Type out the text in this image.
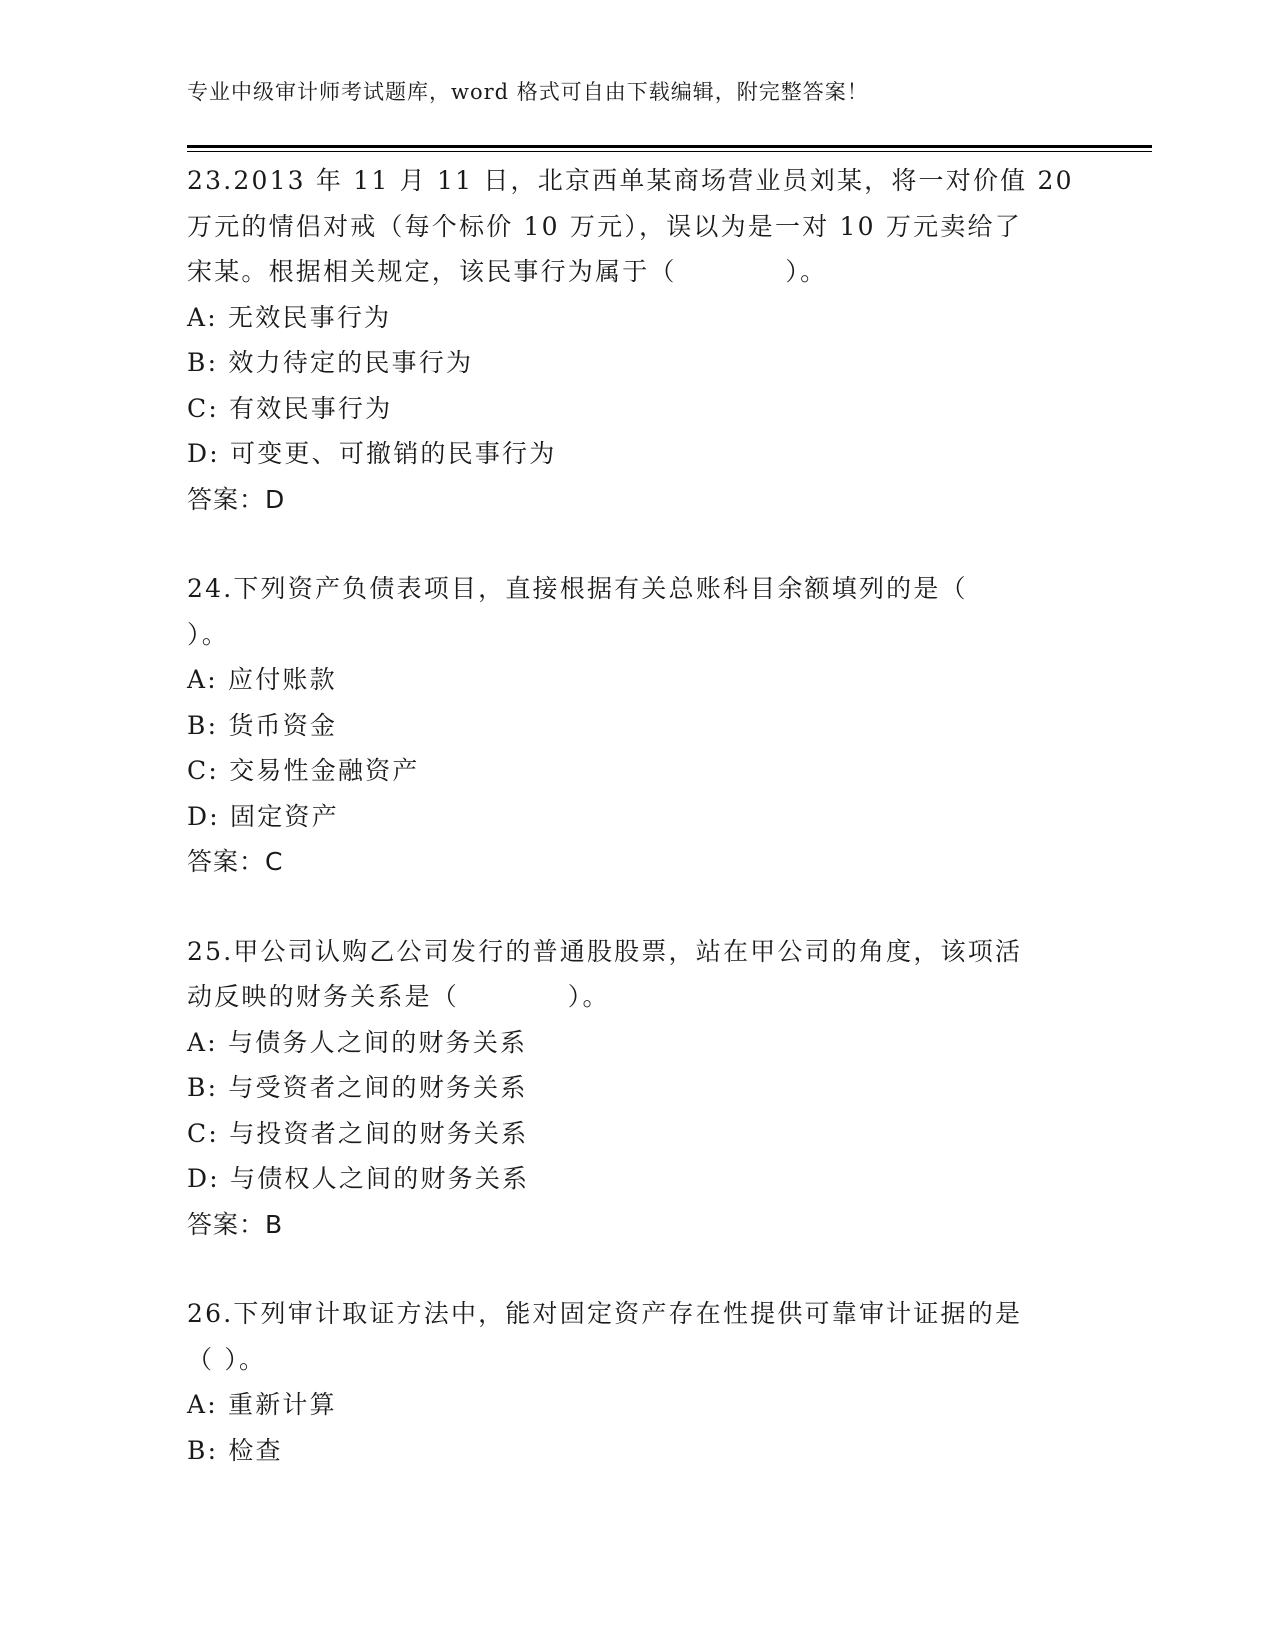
专业中级审计师考试题库，word 格式可自由下载编辑，附完整答案！

23.2013 年 11 月 11 日，北京西单某商场营业员刘某，将一对价值 20

万元的情侣对戒（每个标价 10 万元），误以为是一对 10 万元卖给了

宋某。根据相关规定，该民事行为属于（　　　　）。

A: 无效民事行为

B: 效力待定的民事行为

C: 有效民事行为

D: 可变更、可撤销的民事行为

答案：D

24.下列资产负债表项目，直接根据有关总账科目余额填列的是（

）。

A: 应付账款

B: 货币资金

C: 交易性金融资产

D: 固定资产

答案：C

25.甲公司认购乙公司发行的普通股股票，站在甲公司的角度，该项活

动反映的财务关系是（　　　　）。

A: 与债务人之间的财务关系

B: 与受资者之间的财务关系

C: 与投资者之间的财务关系

D: 与债权人之间的财务关系

答案：B

26.下列审计取证方法中，能对固定资产存在性提供可靠审计证据的是

（ ）。

A: 重新计算

B: 检查
